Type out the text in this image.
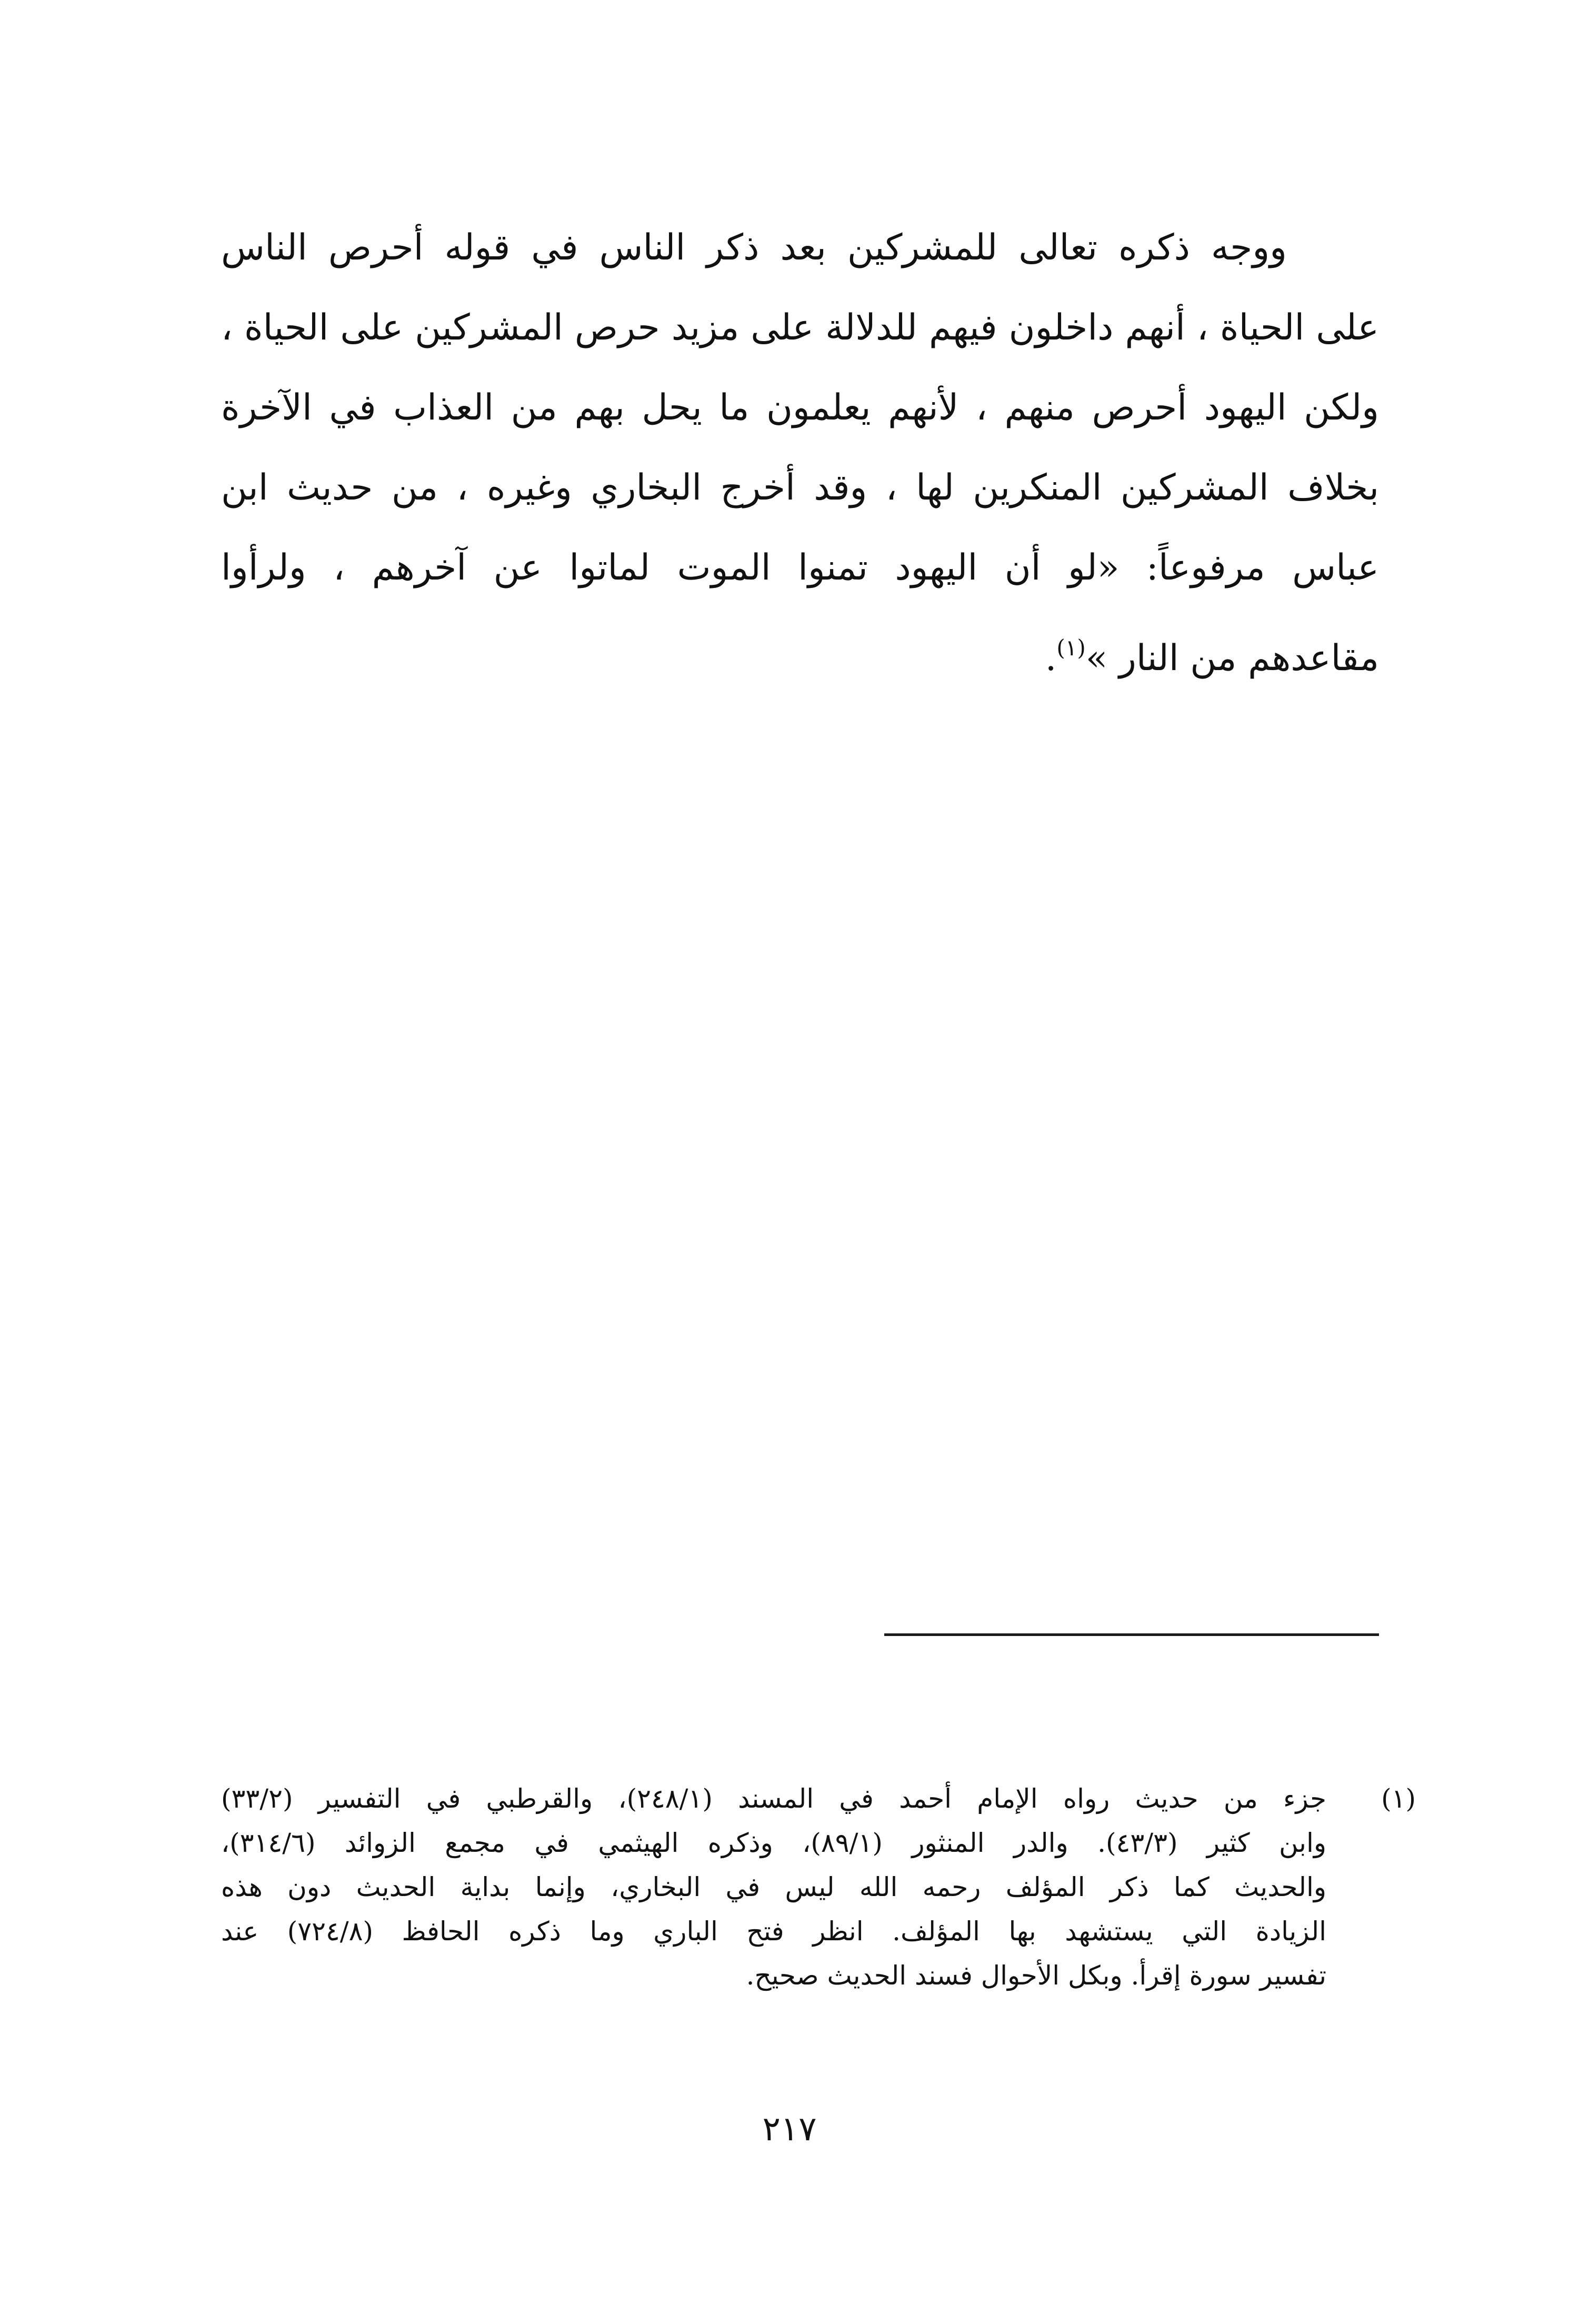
ووجه ذكره تعالى للمشركين بعد ذكر الناس في قوله أحرص الناس
على الحياة ، أنهم داخلون فيهم للدلالة على مزيد حرص المشركين على الحياة ،
ولكن اليهود أحرص منهم ، لأنهم يعلمون ما يحل بهم من العذاب في الآخرة
بخلاف المشركين المنكرين لها ، وقد أخرج البخاري وغيره ، من حديث ابن
عباس مرفوعاً: «لو أن اليهود تمنوا الموت لماتوا عن آخرهم ، ولرأوا
مقاعدهم من النار »$^{(١)}$.
(١)
جزء من حديث رواه الإمام أحمد في المسند (٢٤٨/١)، والقرطبي في التفسير (٣٣/٢)
وابن كثير (٤٣/٣). والدر المنثور (٨٩/١)، وذكره الهيثمي في مجمع الزوائد (٣١٤/٦)،
والحديث كما ذكر المؤلف رحمه الله ليس في البخاري، وإنما بداية الحديث دون هذه
الزيادة التي يستشهد بها المؤلف. انظر فتح الباري وما ذكره الحافظ (٧٢٤/٨) عند
تفسير سورة إقرأ. وبكل الأحوال فسند الحديث صحيح.
٢١٧
